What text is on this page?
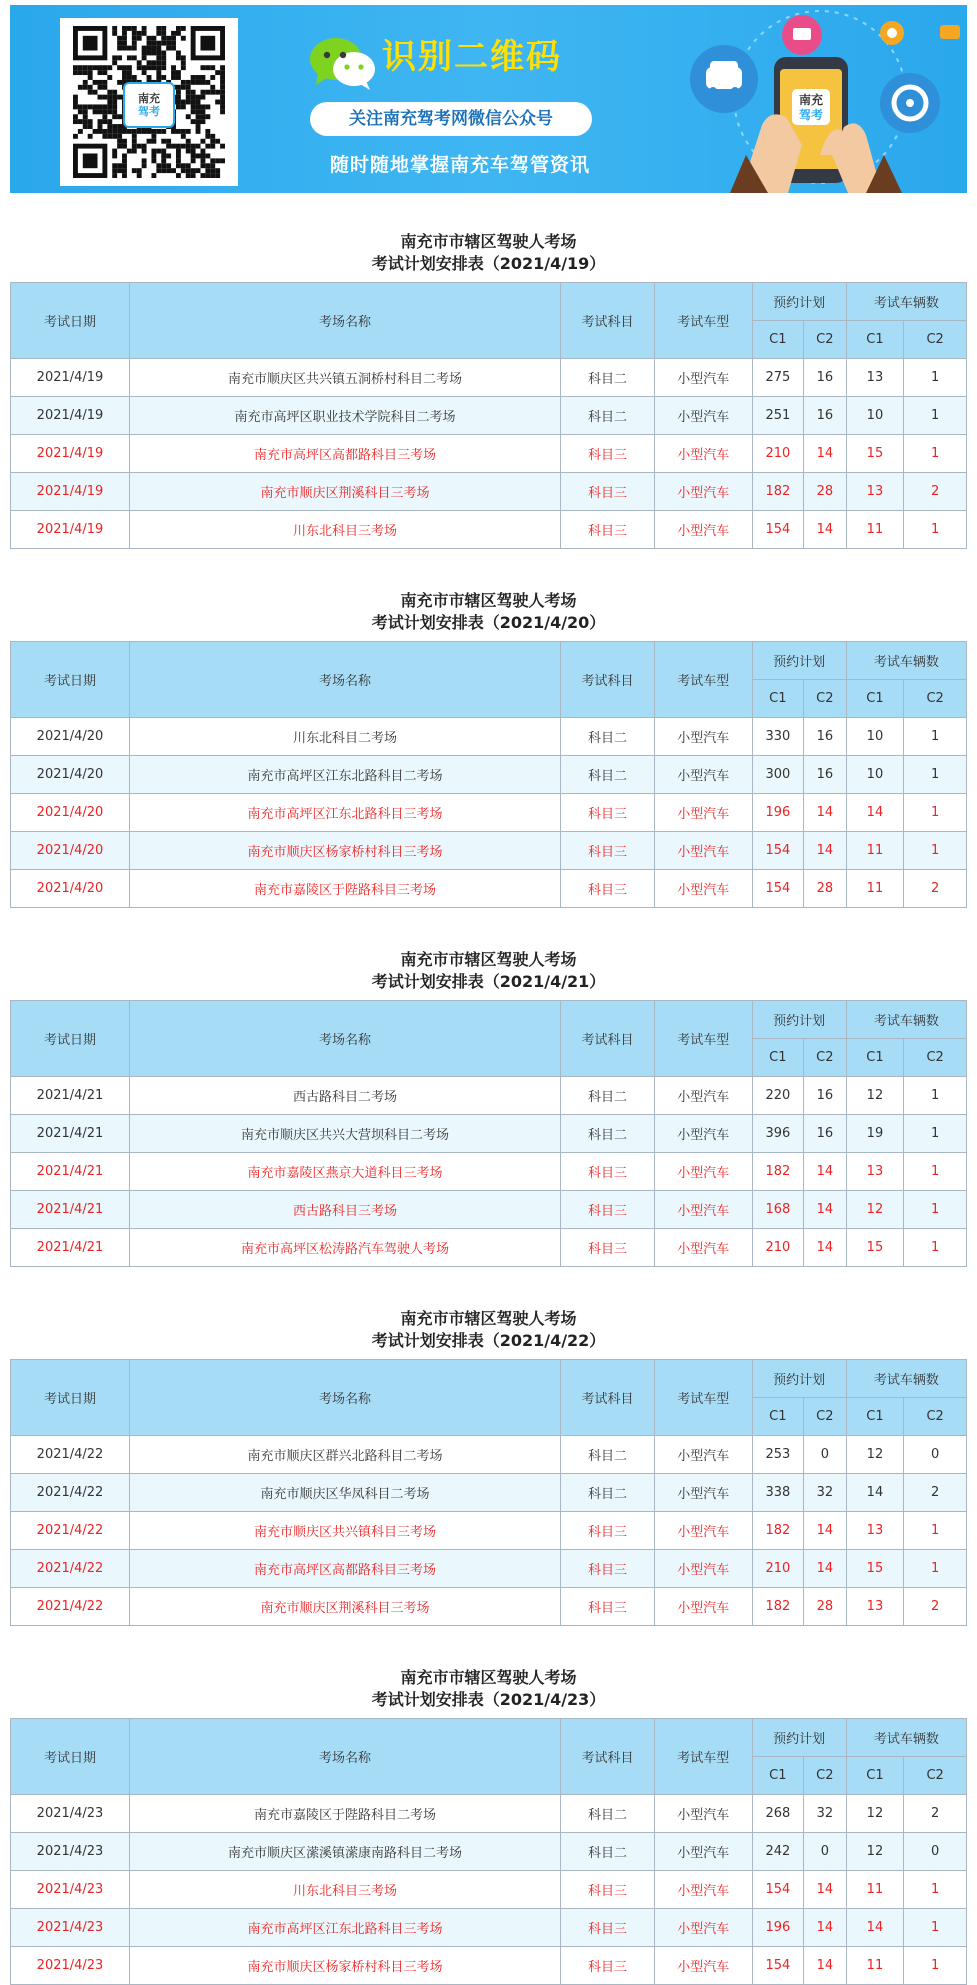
南充
驾考
识别二维码
关注南充驾考网微信公众号
随时随地掌握南充车驾管资讯
南充
驾考
南充市市辖区驾驶人考场
考试计划安排表（2021/4/19）
考试日期	考场名称	考试科目	考试车型	预约计划		考试车辆数	
				C1	C2	C1	C2
2021/4/19	南充市顺庆区共兴镇五洞桥村科目二考场	科目二	小型汽车	275	16	13	1
2021/4/19	南充市高坪区职业技术学院科目二考场	科目二	小型汽车	251	16	10	1
2021/4/19	南充市高坪区高都路科目三考场	科目三	小型汽车	210	14	15	1
2021/4/19	南充市顺庆区荆溪科目三考场	科目三	小型汽车	182	28	13	2
2021/4/19	川东北科目三考场	科目三	小型汽车	154	14	11	1
南充市市辖区驾驶人考场
考试计划安排表（2021/4/20）
考试日期	考场名称	考试科目	考试车型	预约计划		考试车辆数	
				C1	C2	C1	C2
2021/4/20	川东北科目二考场	科目二	小型汽车	330	16	10	1
2021/4/20	南充市高坪区江东北路科目二考场	科目二	小型汽车	300	16	10	1
2021/4/20	南充市高坪区江东北路科目三考场	科目三	小型汽车	196	14	14	1
2021/4/20	南充市顺庆区杨家桥村科目三考场	科目三	小型汽车	154	14	11	1
2021/4/20	南充市嘉陵区于陛路科目三考场	科目三	小型汽车	154	28	11	2
南充市市辖区驾驶人考场
考试计划安排表（2021/4/21）
考试日期	考场名称	考试科目	考试车型	预约计划		考试车辆数	
				C1	C2	C1	C2
2021/4/21	西古路科目二考场	科目二	小型汽车	220	16	12	1
2021/4/21	南充市顺庆区共兴大营坝科目二考场	科目二	小型汽车	396	16	19	1
2021/4/21	南充市嘉陵区燕京大道科目三考场	科目三	小型汽车	182	14	13	1
2021/4/21	西古路科目三考场	科目三	小型汽车	168	14	12	1
2021/4/21	南充市高坪区松涛路汽车驾驶人考场	科目三	小型汽车	210	14	15	1
南充市市辖区驾驶人考场
考试计划安排表（2021/4/22）
考试日期	考场名称	考试科目	考试车型	预约计划		考试车辆数	
				C1	C2	C1	C2
2021/4/22	南充市顺庆区群兴北路科目二考场	科目二	小型汽车	253	0	12	0
2021/4/22	南充市顺庆区华凤科目二考场	科目二	小型汽车	338	32	14	2
2021/4/22	南充市顺庆区共兴镇科目三考场	科目三	小型汽车	182	14	13	1
2021/4/22	南充市高坪区高都路科目三考场	科目三	小型汽车	210	14	15	1
2021/4/22	南充市顺庆区荆溪科目三考场	科目三	小型汽车	182	28	13	2
南充市市辖区驾驶人考场
考试计划安排表（2021/4/23）
考试日期	考场名称	考试科目	考试车型	预约计划		考试车辆数	
				C1	C2	C1	C2
2021/4/23	南充市嘉陵区于陛路科目二考场	科目二	小型汽车	268	32	12	2
2021/4/23	南充市顺庆区潆溪镇潆康南路科目二考场	科目二	小型汽车	242	0	12	0
2021/4/23	川东北科目三考场	科目三	小型汽车	154	14	11	1
2021/4/23	南充市高坪区江东北路科目三考场	科目三	小型汽车	196	14	14	1
2021/4/23	南充市顺庆区杨家桥村科目三考场	科目三	小型汽车	154	14	11	1
